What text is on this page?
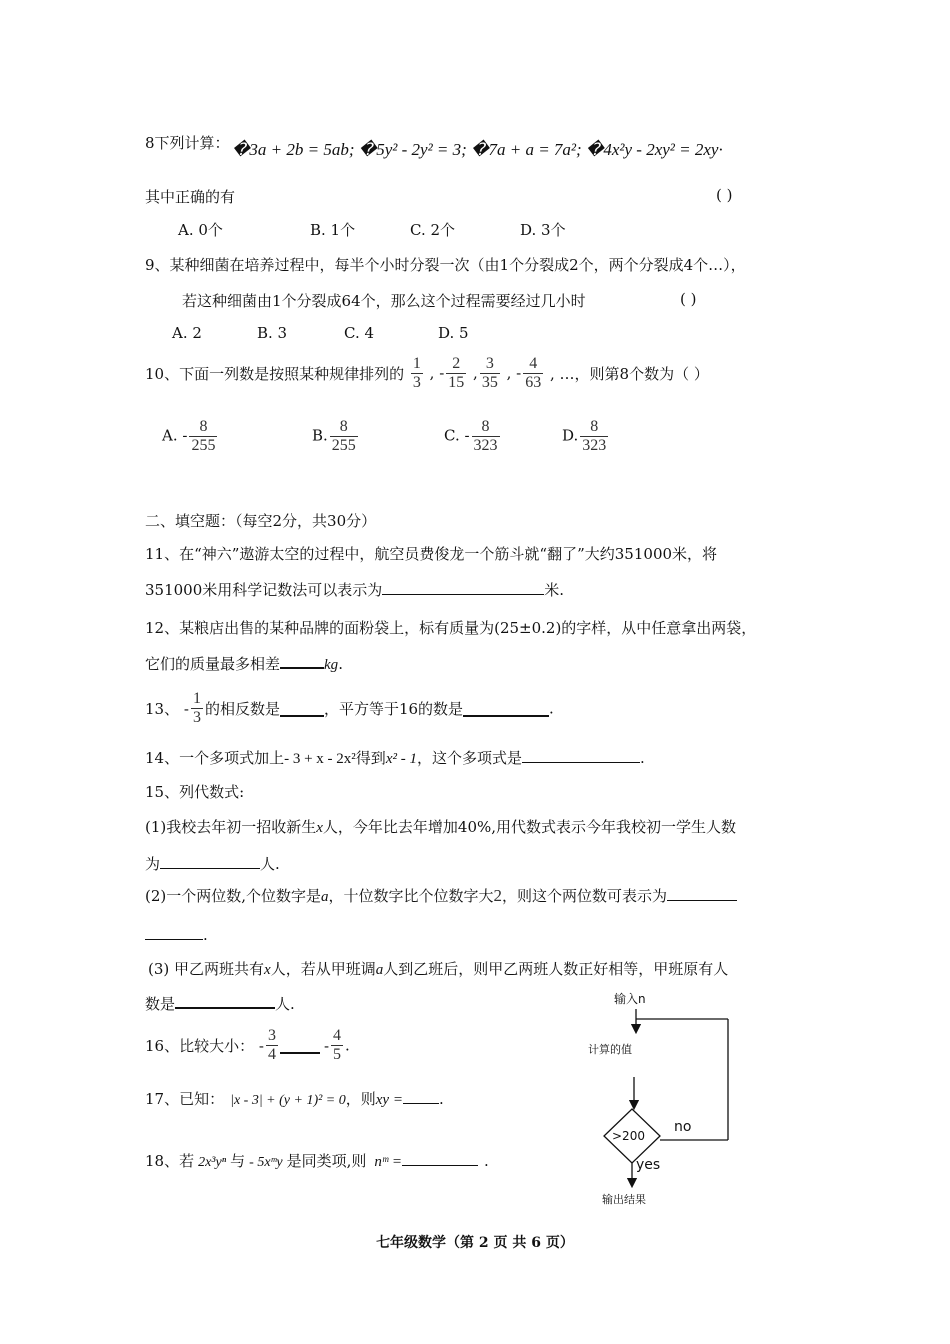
8下列计算： �3a + 2b = 5ab; �5y² - 2y² = 3; �7a + a = 7a²; �4x²y - 2xy² = 2xy·
其中正确的有	( )
A. 0个	B. 1个	C. 2个	D. 3个
9、某种细菌在培养过程中，每半个小时分裂一次（由1个分裂成2个，两个分裂成4个…），
若这种细菌由1个分裂成64个，那么这个过程需要经过几小时	( )
A. 2	B. 3	C. 4	D. 5
10、下面一列数是按照某种规律排列的 $\frac{1}{3}$ , - $\frac{2}{15}$ , $\frac{3}{35}$ , - $\frac{4}{63}$ , …，则第8个数为（ ）
A. - $\frac{8}{255}$	B. $\frac{8}{255}$	C. - $\frac{8}{323}$	D. $\frac{8}{323}$
二、填空题：（每空2分，共30分）
11、在“神六”遨游太空的过程中，航空员费俊龙一个筋斗就“翻了”大约351000米，将
351000米用科学记数法可以表示为	米.
12、某粮店出售的某种品牌的面粉袋上，标有质量为(25±0.2)的字样，从中任意拿出两袋，
它们的质量最多相差	kg.
13、 - $\frac{1}{3}$ 的相反数是	，平方等于16的数是	.
14、一个多项式加上- 3 + x - 2x²得到x² - 1，这个多项式是	.
15、列代数式:
(1)我校去年初一招收新生x人，今年比去年增加40%,用代数式表示今年我校初一学生人数
为	人.
(2)一个两位数,个位数字是a，十位数字比个位数字大2，则这个两位数可表示为
.
(3) 甲乙两班共有x人，若从甲班调a人到乙班后，则甲乙两班人数正好相等，甲班原有人
数是	人.
16、比较大小： - $\frac{3}{4}$	- $\frac{4}{5}$ .
17、已知： |x - 3| + (y + 1)² = 0，则xy = .
18、若 2x³yⁿ 与 - 5xᵐy 是同类项,则 nᵐ =	.
输入n
计算的值
>200
no
yes
输出结果
七年级数学（第 2 页 共 6 页）
